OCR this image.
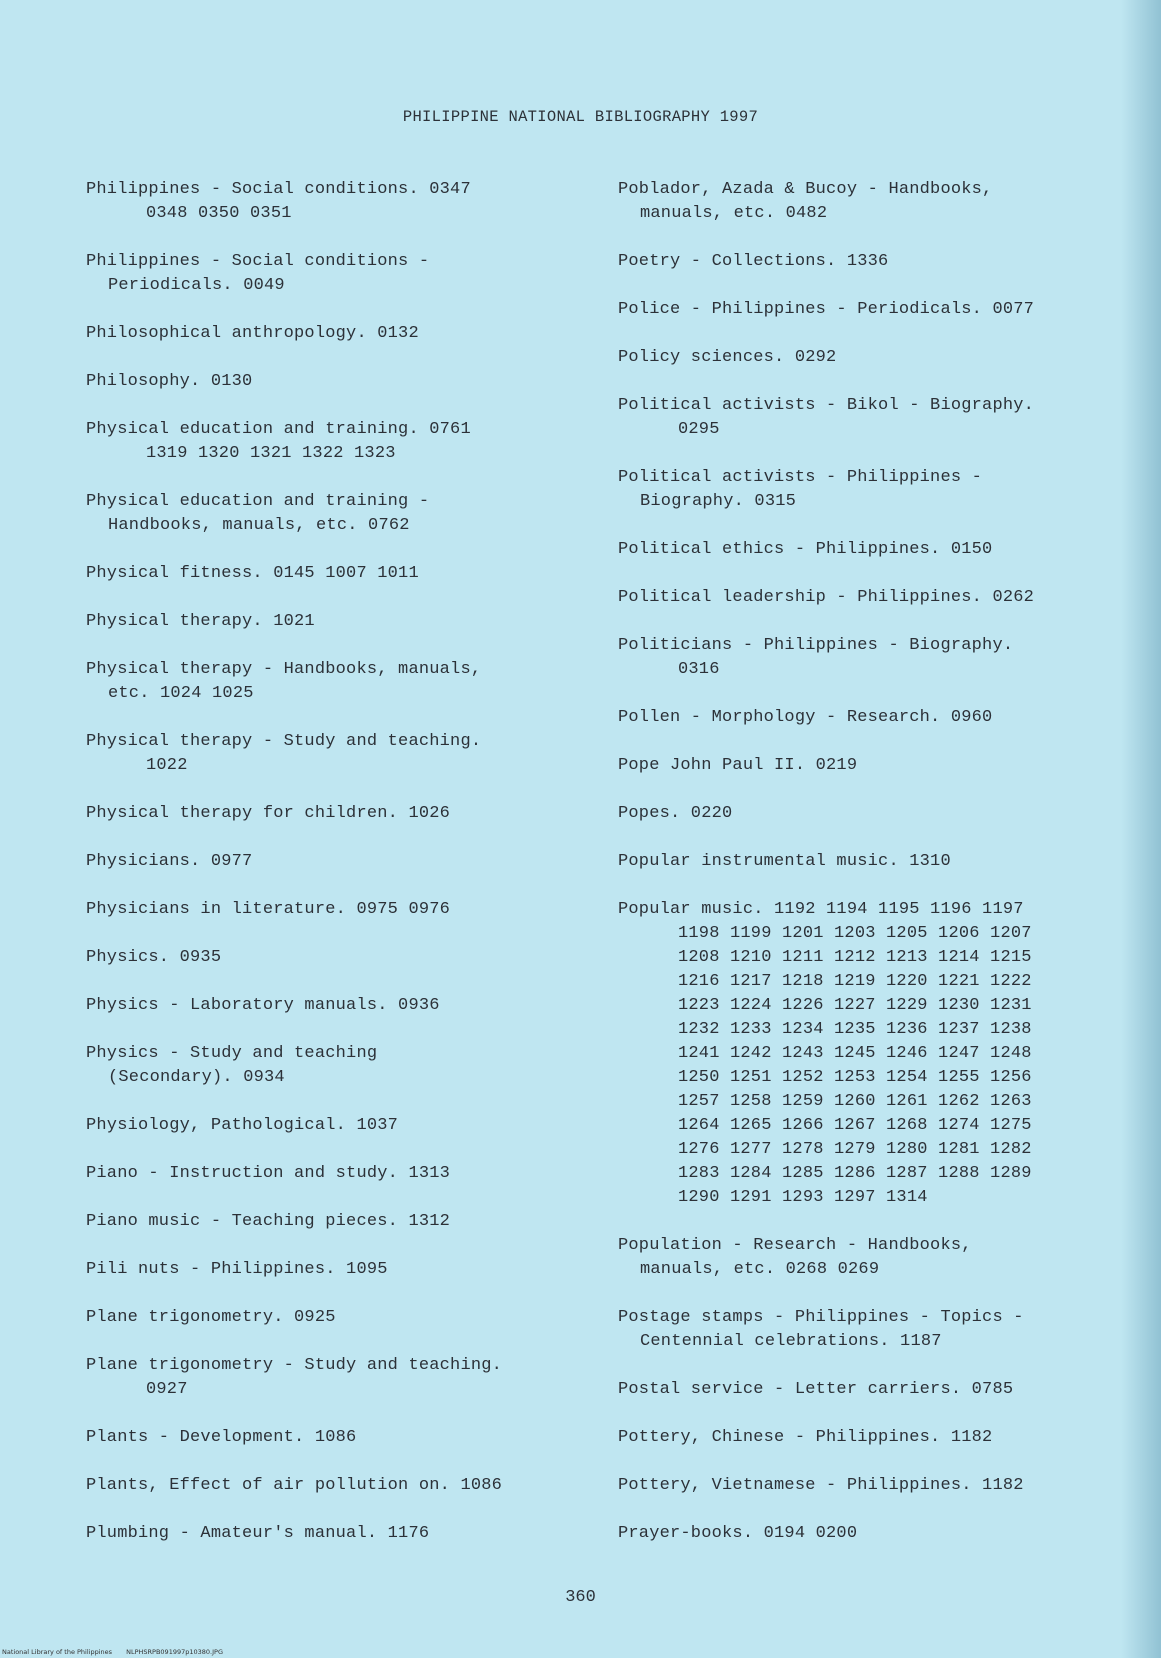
PHILIPPINE NATIONAL BIBLIOGRAPHY 1997
Philippines - Social conditions. 0347
0348 0350 0351
Philippines - Social conditions -
Periodicals. 0049
Philosophical anthropology. 0132
Philosophy. 0130
Physical education and training. 0761
1319 1320 1321 1322 1323
Physical education and training -
Handbooks, manuals, etc. 0762
Physical fitness. 0145 1007 1011
Physical therapy. 1021
Physical therapy - Handbooks, manuals,
etc. 1024 1025
Physical therapy - Study and teaching.
1022
Physical therapy for children. 1026
Physicians. 0977
Physicians in literature. 0975 0976
Physics. 0935
Physics - Laboratory manuals. 0936
Physics - Study and teaching
(Secondary). 0934
Physiology, Pathological. 1037
Piano - Instruction and study. 1313
Piano music - Teaching pieces. 1312
Pili nuts - Philippines. 1095
Plane trigonometry. 0925
Plane trigonometry - Study and teaching.
0927
Plants - Development. 1086
Plants, Effect of air pollution on. 1086
Plumbing - Amateur's manual. 1176
Poblador, Azada & Bucoy - Handbooks,
manuals, etc. 0482
Poetry - Collections. 1336
Police - Philippines - Periodicals. 0077
Policy sciences. 0292
Political activists - Bikol - Biography.
0295
Political activists - Philippines -
Biography. 0315
Political ethics - Philippines. 0150
Political leadership - Philippines. 0262
Politicians - Philippines - Biography.
0316
Pollen - Morphology - Research. 0960
Pope John Paul II. 0219
Popes. 0220
Popular instrumental music. 1310
Popular music. 1192 1194 1195 1196 1197
1198 1199 1201 1203 1205 1206 1207
1208 1210 1211 1212 1213 1214 1215
1216 1217 1218 1219 1220 1221 1222
1223 1224 1226 1227 1229 1230 1231
1232 1233 1234 1235 1236 1237 1238
1241 1242 1243 1245 1246 1247 1248
1250 1251 1252 1253 1254 1255 1256
1257 1258 1259 1260 1261 1262 1263
1264 1265 1266 1267 1268 1274 1275
1276 1277 1278 1279 1280 1281 1282
1283 1284 1285 1286 1287 1288 1289
1290 1291 1293 1297 1314
Population - Research - Handbooks,
manuals, etc. 0268 0269
Postage stamps - Philippines - Topics -
Centennial celebrations. 1187
Postal service - Letter carriers. 0785
Pottery, Chinese - Philippines. 1182
Pottery, Vietnamese - Philippines. 1182
Prayer-books. 0194 0200
360
National Library of the Philippines NLPHSRPB091997p10380.JPG
